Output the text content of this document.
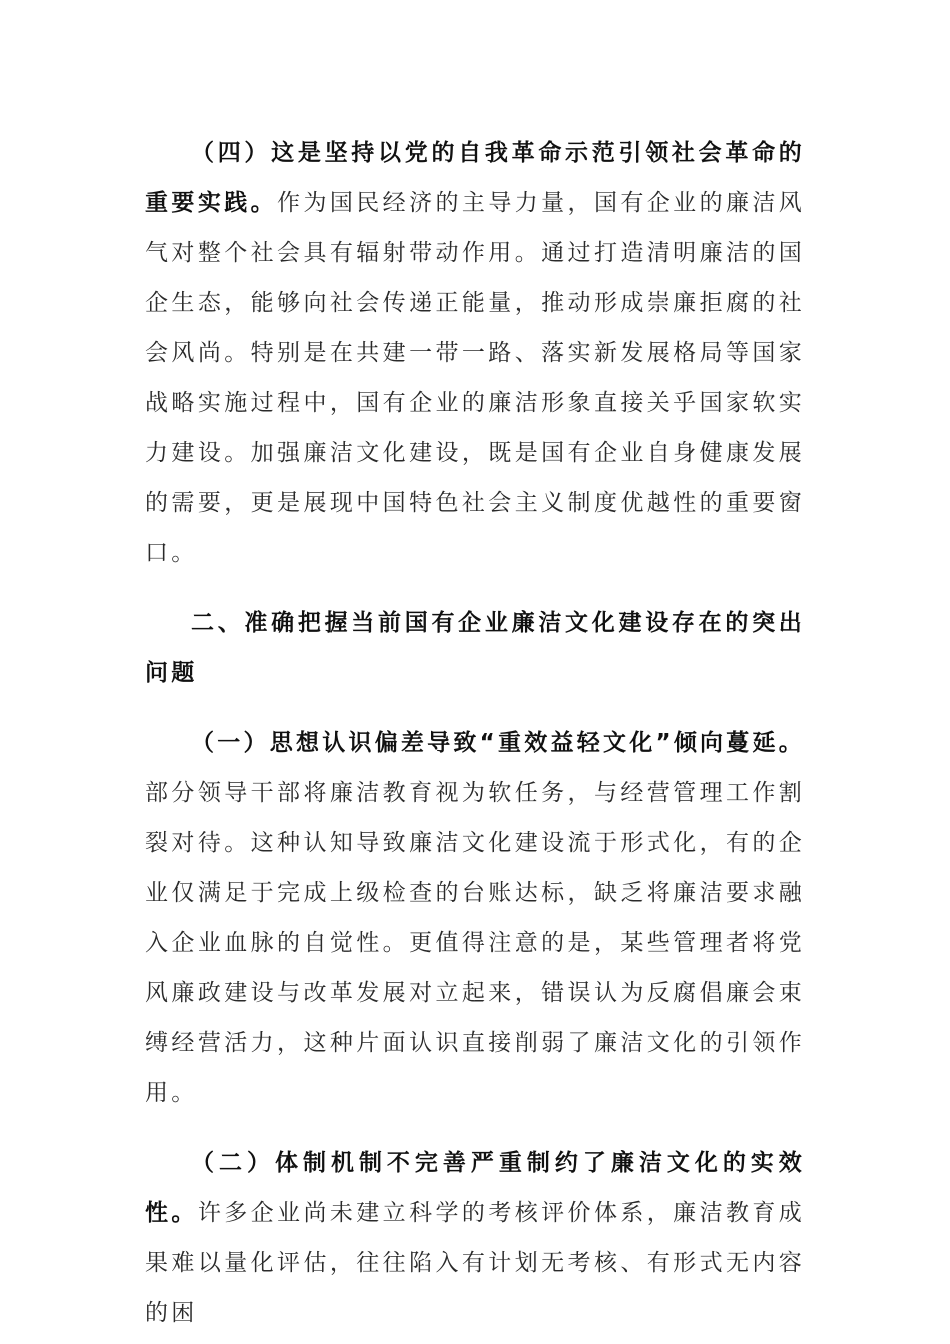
（四）这是坚持以党的自我革命示范引领社会革命的重要实践。作为国民经济的主导力量，国有企业的廉洁风气对整个社会具有辐射带动作用。通过打造清明廉洁的国企生态，能够向社会传递正能量，推动形成崇廉拒腐的社会风尚。特别是在共建一带一路、落实新发展格局等国家战略实施过程中，国有企业的廉洁形象直接关乎国家软实力建设。加强廉洁文化建设，既是国有企业自身健康发展的需要，更是展现中国特色社会主义制度优越性的重要窗口。

二、准确把握当前国有企业廉洁文化建设存在的突出问题

（一）思想认识偏差导致“重效益轻文化”倾向蔓延。部分领导干部将廉洁教育视为软任务，与经营管理工作割裂对待。这种认知导致廉洁文化建设流于形式化，有的企业仅满足于完成上级检查的台账达标，缺乏将廉洁要求融入企业血脉的自觉性。更值得注意的是，某些管理者将党风廉政建设与改革发展对立起来，错误认为反腐倡廉会束缚经营活力，这种片面认识直接削弱了廉洁文化的引领作用。

（二）体制机制不完善严重制约了廉洁文化的实效性。许多企业尚未建立科学的考核评价体系，廉洁教育成果难以量化评估，往往陷入有计划无考核、有形式无内容的困
